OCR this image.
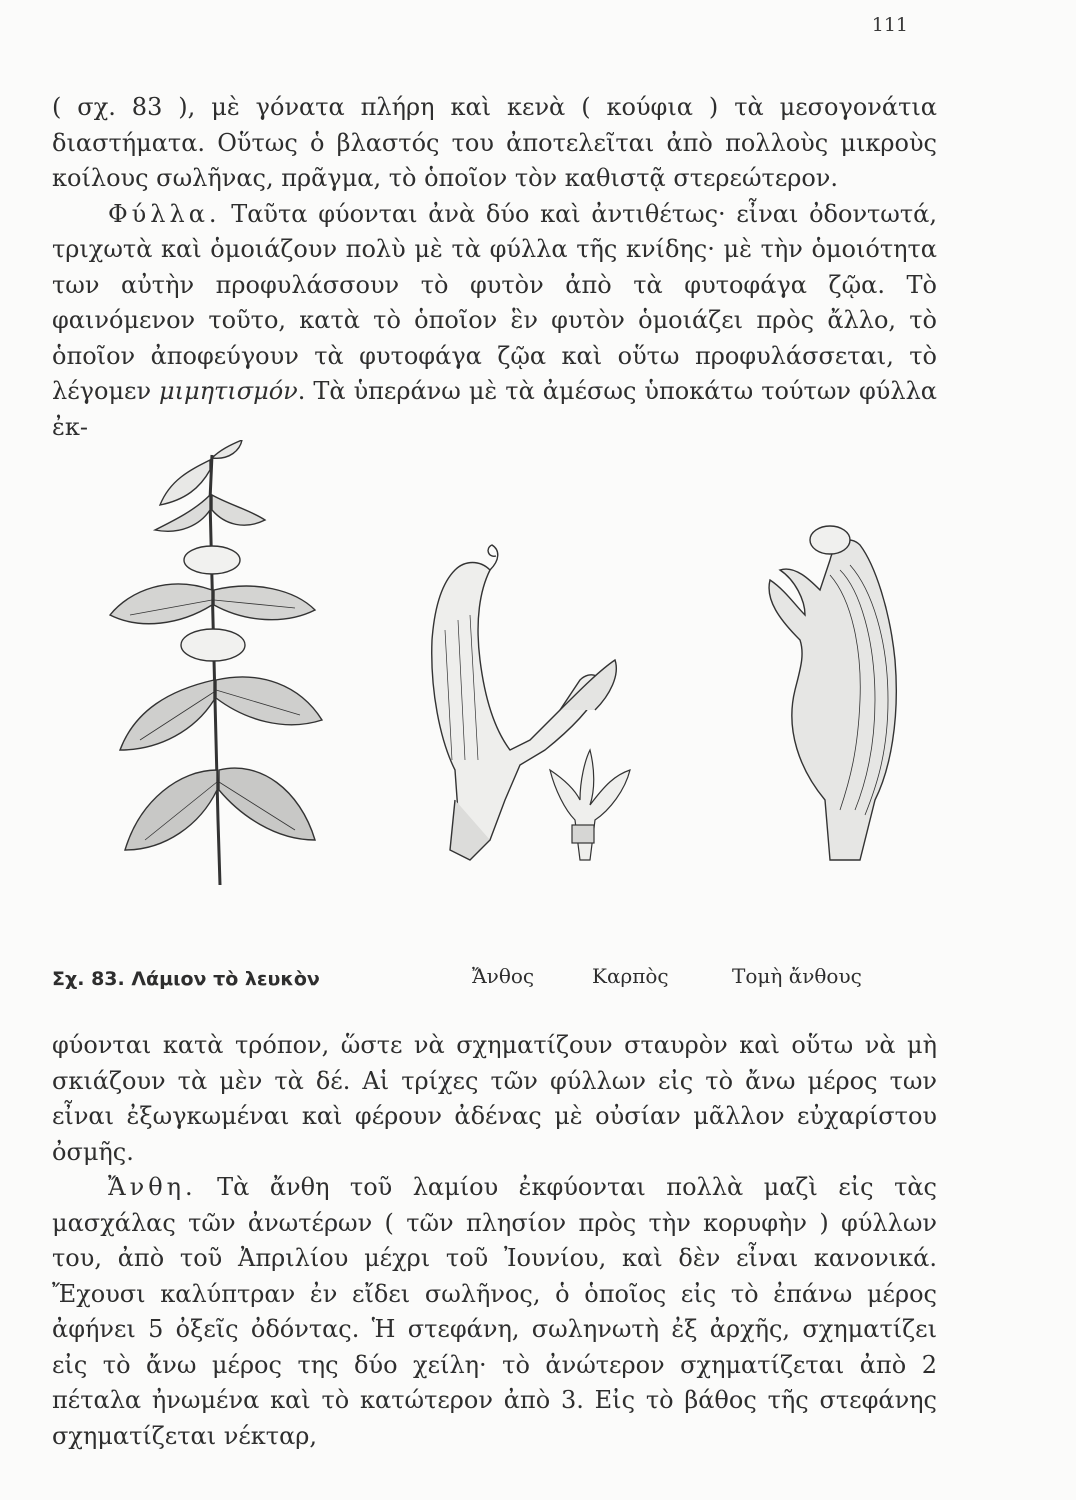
111

( σχ. 83 ), μὲ γόνατα πλήρη καὶ κενὰ ( κούφια ) τὰ μεσογονάτια διαστήματα. Οὕτως ὁ βλαστός του ἀποτελεῖται ἀπὸ πολλοὺς μικροὺς κοίλους σωλῆνας, πρᾶγμα, τὸ ὁποῖον τὸν καθιστᾷ στερεώτερον.

Φύλλα. Ταῦτα φύονται ἀνὰ δύο καὶ ἀντιθέτως· εἶναι ὀδοντωτά, τριχωτὰ καὶ ὁμοιάζουν πολὺ μὲ τὰ φύλλα τῆς κνίδης· μὲ τὴν ὁμοιότητα των αὐτὴν προφυλάσσουν τὸ φυτὸν ἀπὸ τὰ φυτοφάγα ζῷα. Τὸ φαινόμενον τοῦτο, κατὰ τὸ ὁποῖον ἓν φυτὸν ὁμοιάζει πρὸς ἄλλο, τὸ ὁποῖον ἀποφεύγουν τὰ φυτοφάγα ζῷα καὶ οὕτω προφυλάσσεται, τὸ λέγομεν μιμητισμόν. Τὰ ὑπεράνω μὲ τὰ ἀμέσως ὑποκάτω τούτων φύλλα ἐκ-

Σχ. 83. Λάμιον τὸ λευκὸν	Ἄνθος	Καρπὸς	Τομὴ ἄνθους

φύονται κατὰ τρόπον, ὥστε νὰ σχηματίζουν σταυρὸν καὶ οὕτω νὰ μὴ σκιάζουν τὰ μὲν τὰ δέ. Αἱ τρίχες τῶν φύλλων εἰς τὸ ἄνω μέρος των εἶναι ἐξωγκωμέναι καὶ φέρουν ἀδένας μὲ οὐσίαν μᾶλλον εὐχαρίστου ὀσμῆς.

Ἄνθη. Τὰ ἄνθη τοῦ λαμίου ἐκφύονται πολλὰ μαζὶ εἰς τὰς μασχάλας τῶν ἀνωτέρων ( τῶν πλησίον πρὸς τὴν κορυφὴν ) φύλλων του, ἀπὸ τοῦ Ἀπριλίου μέχρι τοῦ Ἰουνίου, καὶ δὲν εἶναι κανονικά. Ἔχουσι καλύπτραν ἐν εἴδει σωλῆνος, ὁ ὁποῖος εἰς τὸ ἐπάνω μέρος ἀφήνει 5 ὀξεῖς ὀδόντας. Ἡ στεφάνη, σωληνωτὴ ἐξ ἀρχῆς, σχηματίζει εἰς τὸ ἄνω μέρος της δύο χείλη· τὸ ἀνώτερον σχηματίζεται ἀπὸ 2 πέταλα ἠνωμένα καὶ τὸ κατώτερον ἀπὸ 3. Εἰς τὸ βάθος τῆς στεφάνης σχηματίζεται νέκταρ,
